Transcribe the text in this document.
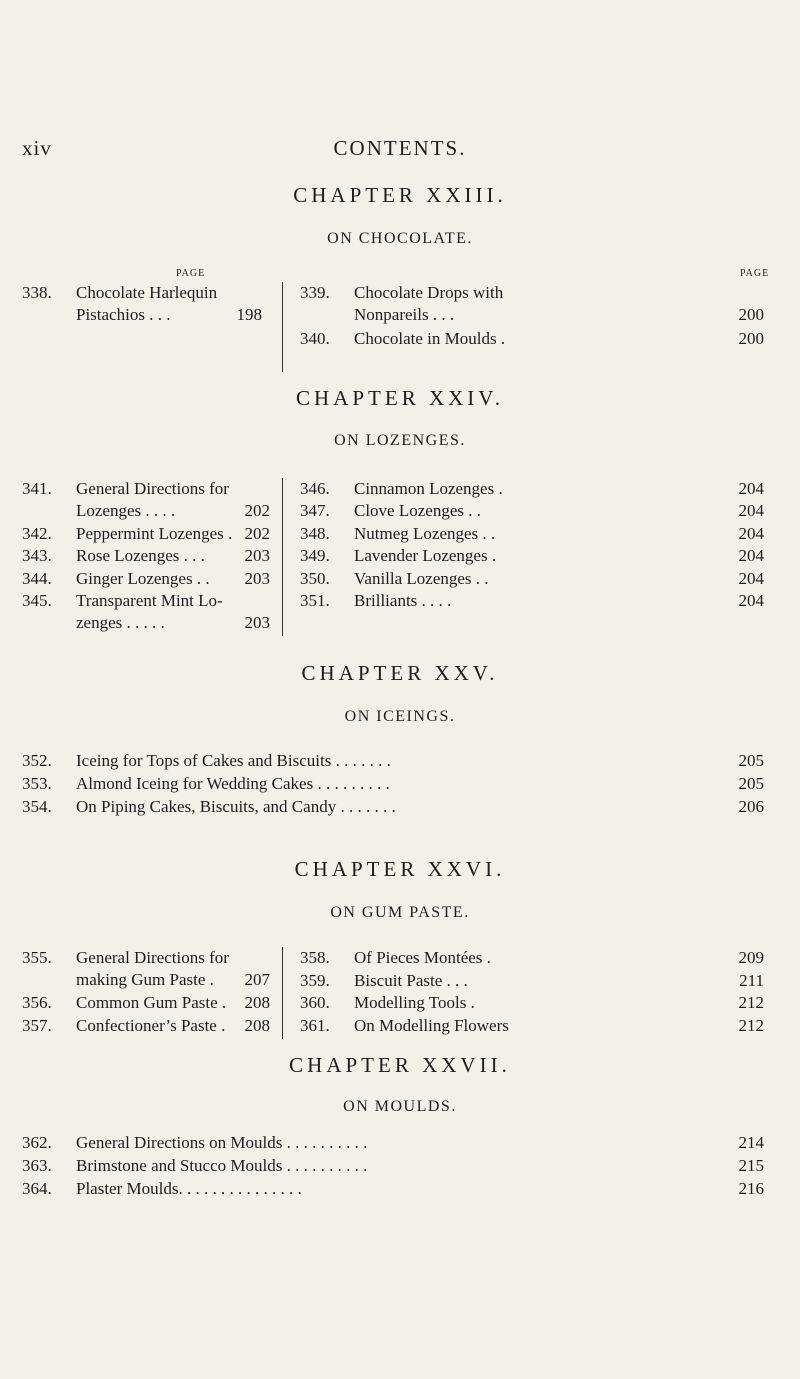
xiv	CONTENTS.
CHAPTER XXIII.
ON CHOCOLATE.
PAGE	PAGE
338. Chocolate Harlequin
Pistachios . . .	198
339. Chocolate Drops with
Nonpareils . . .	200
340. Chocolate in Moulds .	200
CHAPTER XXIV.
ON LOZENGES.
341. General Directions for
Lozenges . . . .	202
342. Peppermint Lozenges . 202
343. Rose Lozenges . . . 203
344. Ginger Lozenges . . 203
345. Transparent Mint Lo-
zenges . . . . .	203
346. Cinnamon Lozenges .	204
347. Clove Lozenges . .	204
348. Nutmeg Lozenges . .	204
349. Lavender Lozenges .	204
350. Vanilla Lozenges . .	204
351. Brilliants . . . .	204
CHAPTER XXV.
ON ICEINGS.
352. Iceing for Tops of Cakes and Biscuits . . . . . . .	205
353. Almond Iceing for Wedding Cakes . . . . . . . . .	205
354. On Piping Cakes, Biscuits, and Candy . . . . . . .	206
CHAPTER XXVI.
ON GUM PASTE.
355. General Directions for
making Gum Paste . 207
356. Common Gum Paste . 208
357. Confectioner’s Paste . 208
358. Of Pieces Montées .	209
359. Biscuit Paste . . .	211
360. Modelling Tools .	212
361. On Modelling Flowers	212
CHAPTER XXVII.
ON MOULDS.
362. General Directions on Moulds . . . . . . . . . .	214
363. Brimstone and Stucco Moulds . . . . . . . . . .	215
364. Plaster Moulds. . . . . . . . . . . . . . .	216
